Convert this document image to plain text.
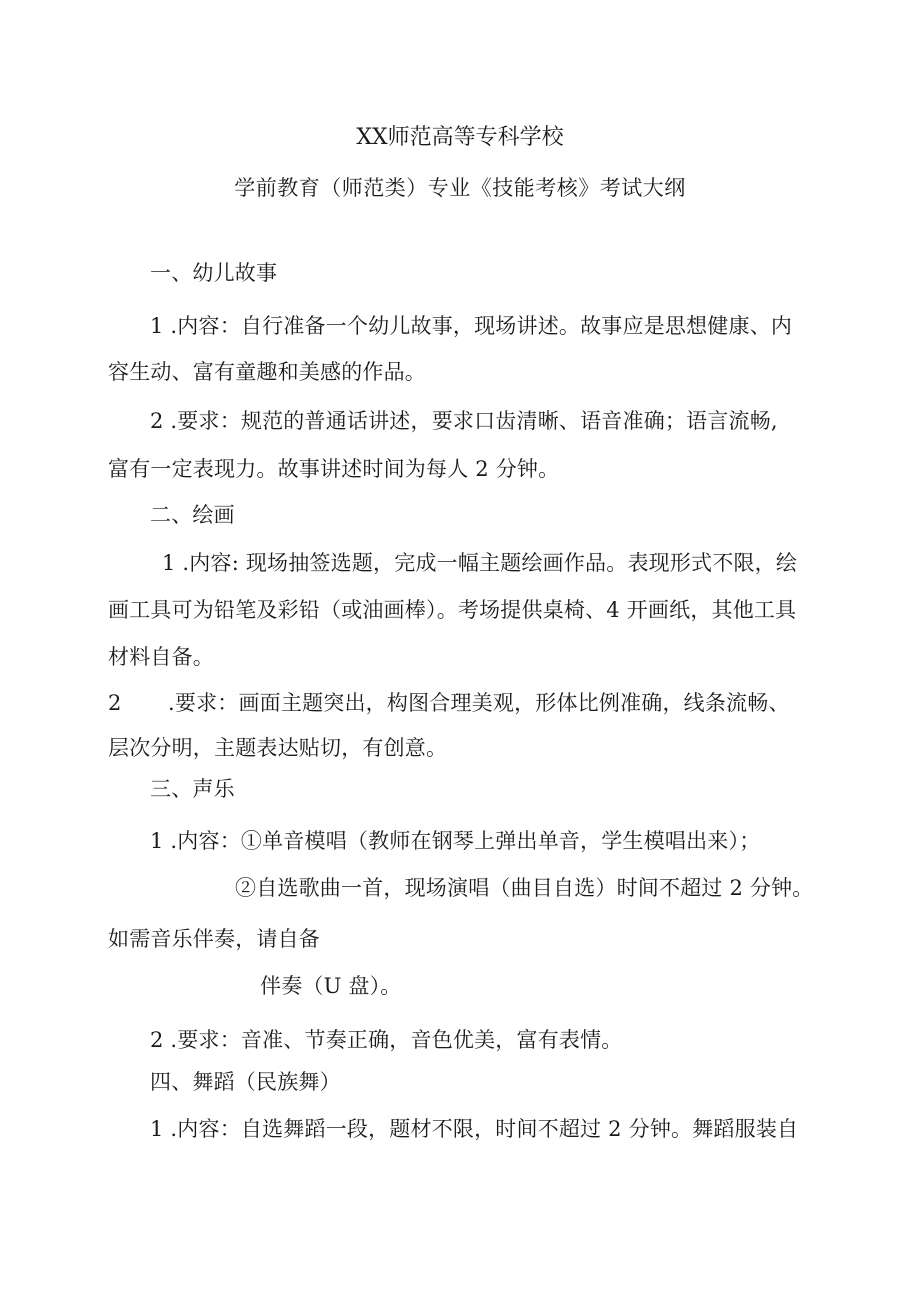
XX师范高等专科学校
学前教育（师范类）专业《技能考核》考试大纲
一、幼儿故事
1 .内容：自行准备一个幼儿故事，现场讲述。故事应是思想健康、内
容生动、富有童趣和美感的作品。
2 .要求：规范的普通话讲述，要求口齿清晰、语音准确；语言流畅,
富有一定表现力。故事讲述时间为每人 2 分钟。
二、绘画
1 .内容: 现场抽签选题，完成一幅主题绘画作品。表现形式不限，绘
画工具可为铅笔及彩铅（或油画棒）。考场提供桌椅、4 开画纸，其他工具
材料自备。
2 .要求：画面主题突出，构图合理美观，形体比例准确，线条流畅、
层次分明，主题表达贴切，有创意。
三、声乐
1 .内容：①单音模唱（教师在钢琴上弹出单音，学生模唱出来）；
②自选歌曲一首，现场演唱（曲目自选）时间不超过 2 分钟。
如需音乐伴奏，请自备
伴奏（U 盘）。
2 .要求：音准、节奏正确，音色优美，富有表情。
四、舞蹈（民族舞）
1 .内容：自选舞蹈一段，题材不限，时间不超过 2 分钟。舞蹈服装自
